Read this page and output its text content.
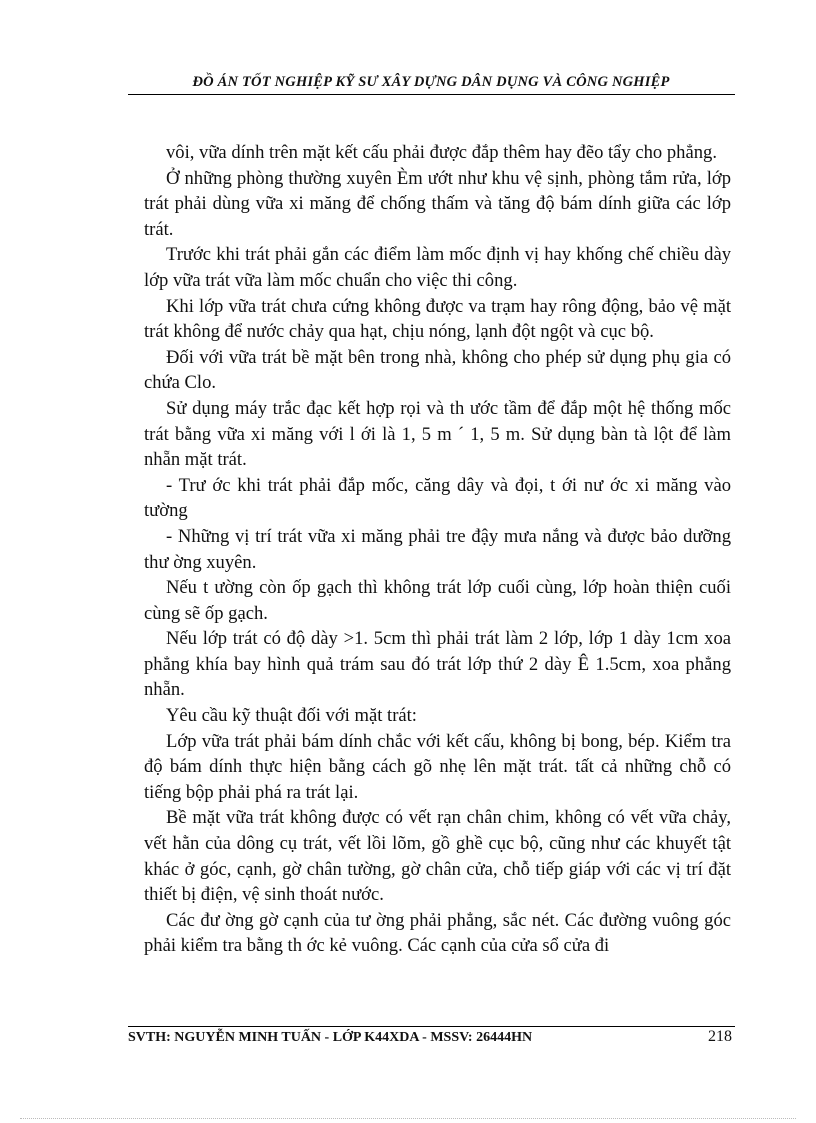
ĐỒ ÁN TỐT NGHIỆP KỸ SƯ XÂY DỰNG DÂN DỤNG VÀ CÔNG NGHIỆP

vôi, vữa dính trên mặt kết cấu phải được đắp thêm hay đẽo tẩy cho phẳng.

Ở những phòng thường xuyên Èm ướt như khu vệ sịnh, phòng tắm rửa, lớp trát phải dùng vữa xi măng để chống thấm và tăng độ bám dính giữa các lớp trát.

Trước khi trát phải gắn các điểm làm mốc định vị hay khống chế chiều dày lớp vữa trát vữa làm mốc chuẩn cho việc thi công.

Khi lớp vữa trát chưa cứng không được va trạm hay rông động, bảo vệ mặt trát không để nước chảy qua hạt, chịu nóng, lạnh đột ngột và cục bộ.

Đối với vữa trát bề mặt bên trong nhà, không cho phép sử dụng phụ gia có chứa Clo.

Sử dụng máy trắc đạc kết hợp rọi và th ước tầm để đắp một hệ thống mốc trát bằng vữa xi măng với l ới là 1, 5 m ´ 1, 5 m. Sử dụng bàn tà lột để làm nhẵn mặt trát.

- Trư ớc khi trát phải đắp mốc, căng dây và đọi, t ới nư ớc xi măng vào tường

- Những vị trí trát vữa xi măng phải tre đậy mưa nắng và được bảo dưỡng thư ờng xuyên.

Nếu t ường còn ốp gạch thì không trát lớp cuối cùng, lớp hoàn thiện cuối cùng sẽ ốp gạch.

Nếu lớp trát có độ dày >1. 5cm thì phải trát làm 2 lớp, lớp 1 dày 1cm xoa phẳng khía bay hình quả trám sau đó trát lớp thứ 2 dày Ê 1.5cm, xoa phẳng nhẵn.

Yêu cầu kỹ thuật đối với mặt trát:

Lớp vữa trát phải bám dính chắc với kết cấu, không bị bong, bép. Kiểm tra độ bám dính thực hiện bằng cách gõ nhẹ lên mặt trát. tất cả những chỗ có tiếng bộp phải phá ra trát lại.

Bề mặt vữa trát không được có vết rạn chân chim, không có vết vữa chảy, vết hằn của dông cụ trát, vết lồi lõm, gồ ghề cục bộ, cũng như các khuyết tật khác ở góc, cạnh, gờ chân tường, gờ chân cửa, chỗ tiếp giáp với các vị trí đặt thiết bị điện, vệ sinh thoát nước.

Các đư ờng gờ cạnh của tư ờng phải phẳng, sắc nét. Các đường vuông góc phải kiểm tra bằng th ớc kẻ vuông. Các cạnh của cửa sổ cửa đi

SVTH: NGUYỄN MINH TUẤN - LỚP K44XDA - MSSV: 26444HN	218
